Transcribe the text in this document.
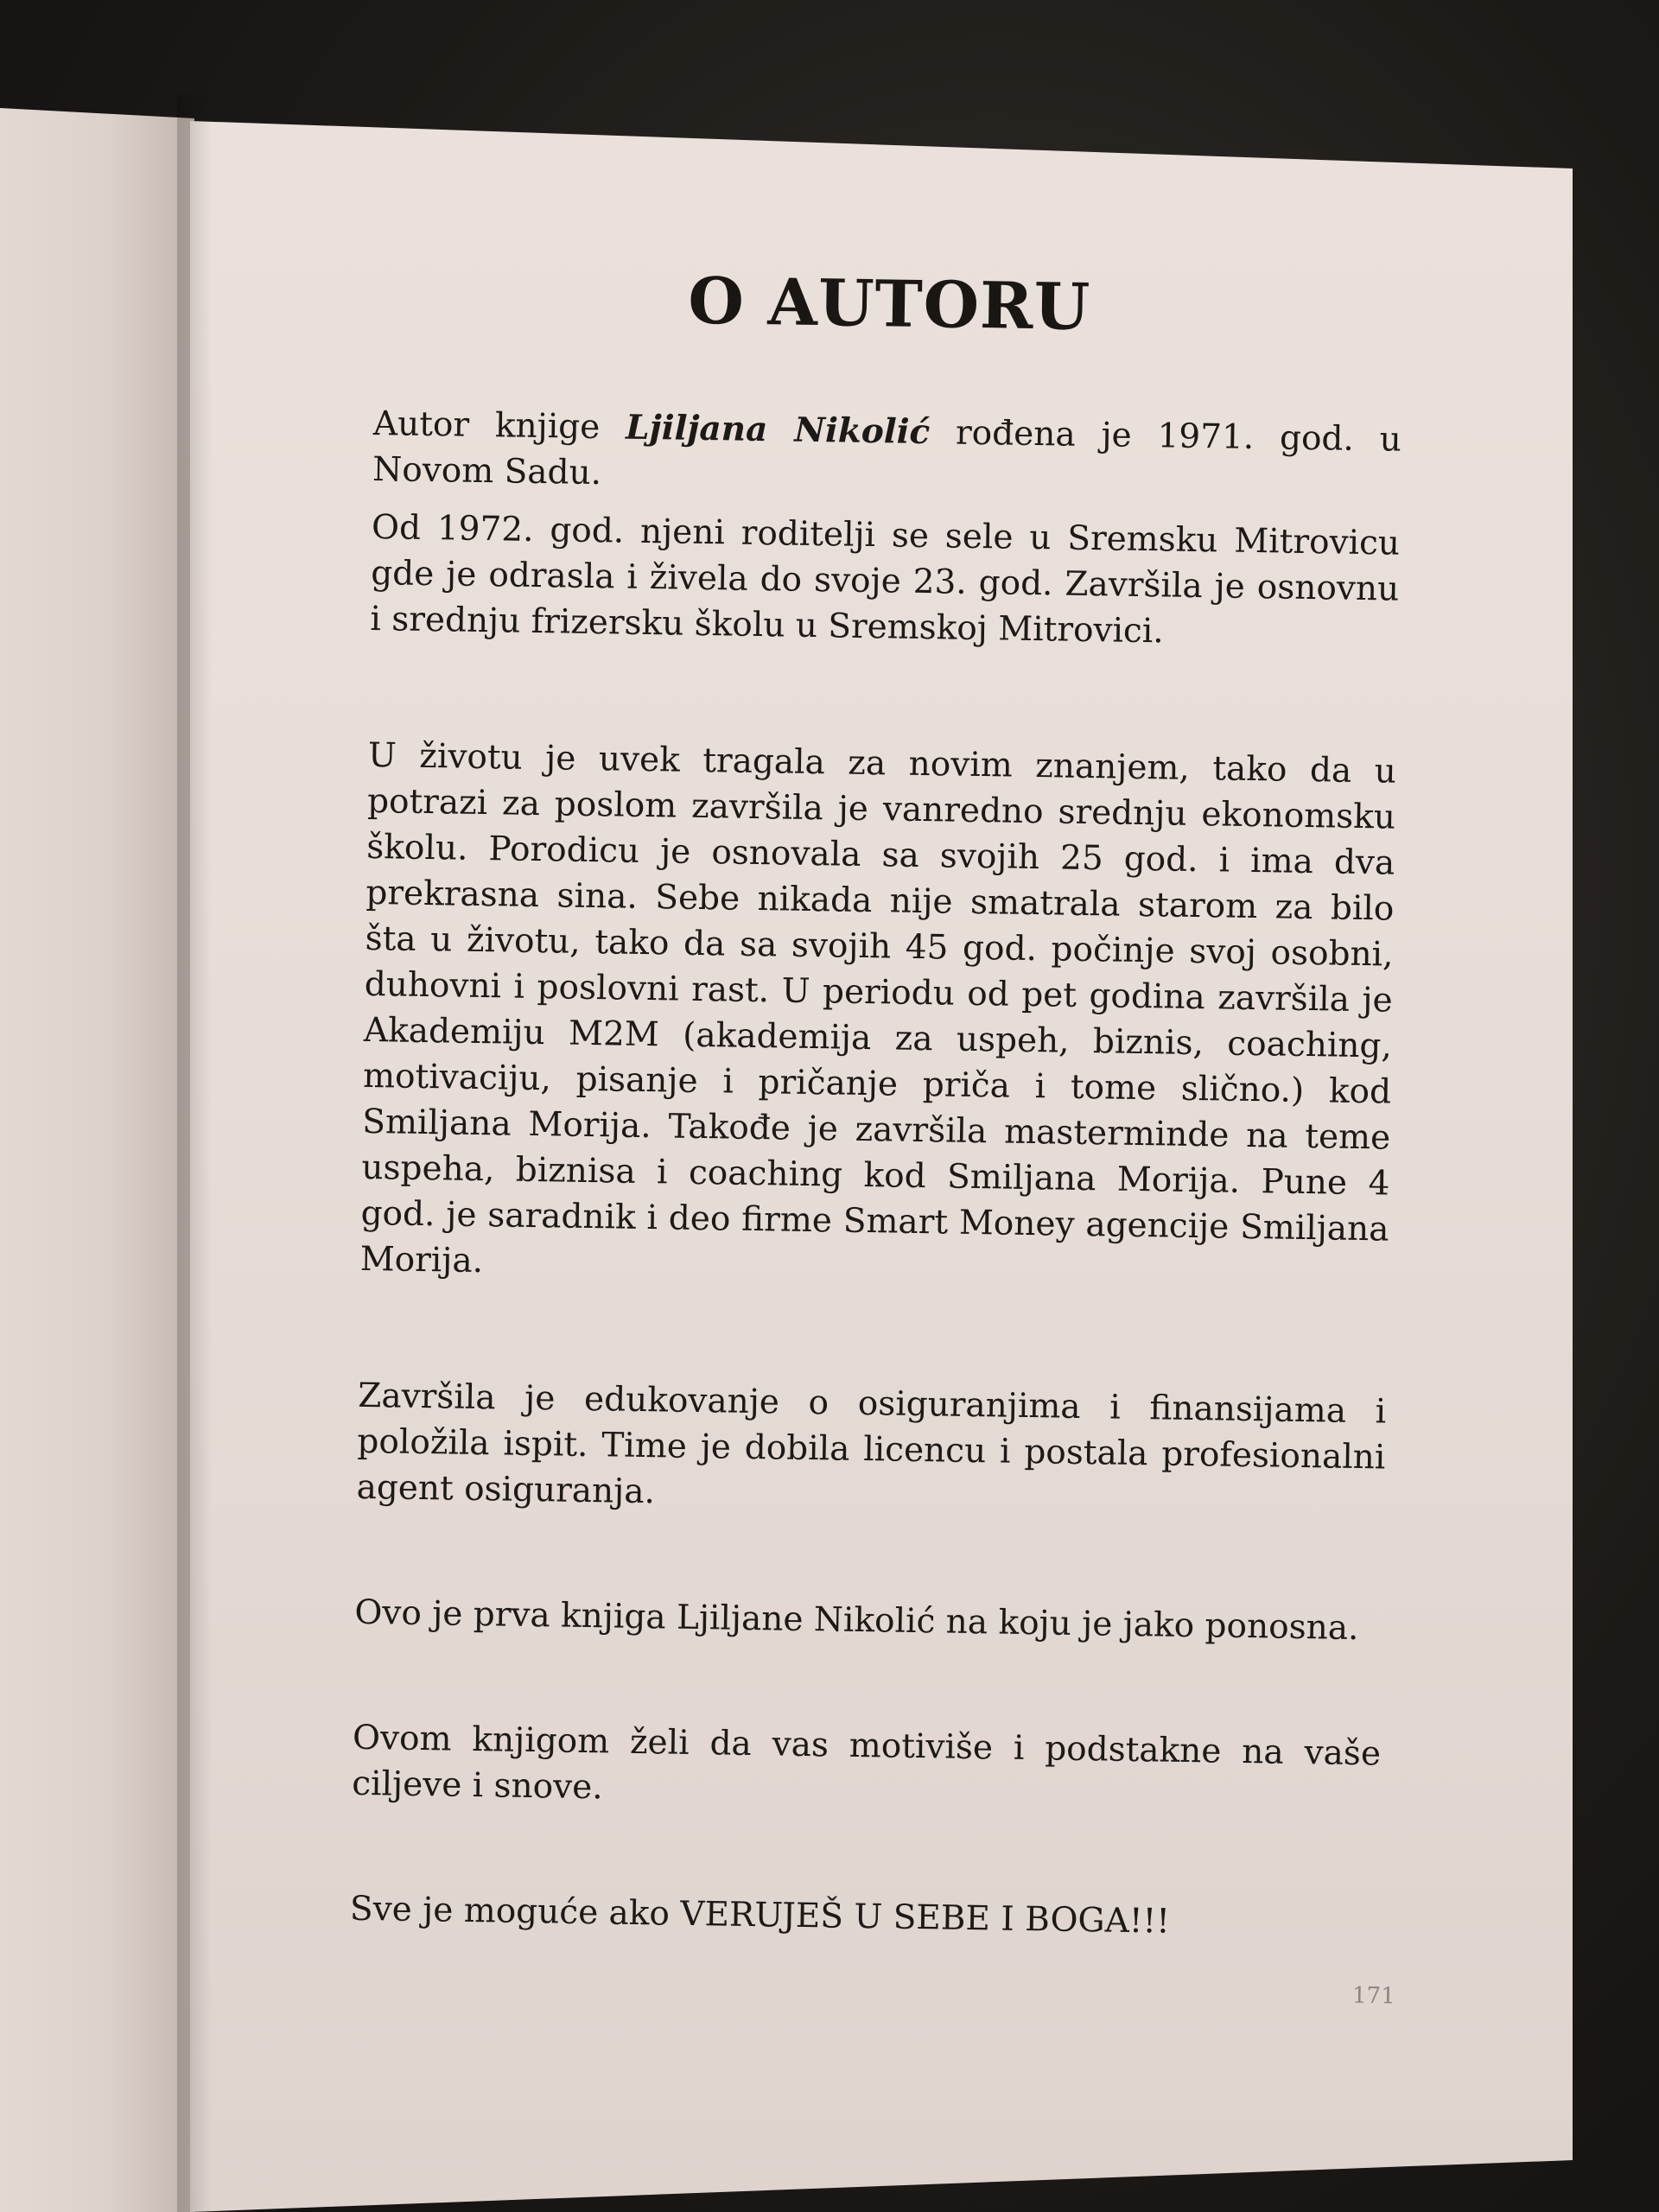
O AUTORU

Autor knjige Ljiljana Nikolić rođena je 1971. god. u Novom Sadu.

Od 1972. god. njeni roditelji se sele u Sremsku Mitrovicu gde je odrasla i živela do svoje 23. god. Završila je osnovnu i srednju frizersku školu u Sremskoj Mitrovici.

U životu je uvek tragala za novim znanjem, tako da u potrazi za poslom završila je vanredno srednju ekonomsku školu. Porodicu je osnovala sa svojih 25 god. i ima dva prekrasna sina. Sebe nikada nije smatrala starom za bilo šta u životu, tako da sa svojih 45 god. počinje svoj osobni, duhovni i poslovni rast. U periodu od pet godina završila je Akademiju M2M (akademija za uspeh, biznis, coaching, motivaciju, pisanje i pričanje priča i tome slično.) kod Smiljana Morija. Takođe je završila masterminde na teme uspeha, biznisa i coaching kod Smiljana Morija. Pune 4 god. je saradnik i deo firme Smart Money agencije Smiljana Morija.

Završila je edukovanje o osiguranjima i finansijama i položila ispit. Time je dobila licencu i postala profesionalni agent osiguranja.

Ovo je prva knjiga Ljiljane Nikolić na koju je jako ponosna.

Ovom knjigom želi da vas motiviše i podstakne na vaše ciljeve i snove.

Sve je moguće ako VERUJEŠ U SEBE I BOGA!!!

171
